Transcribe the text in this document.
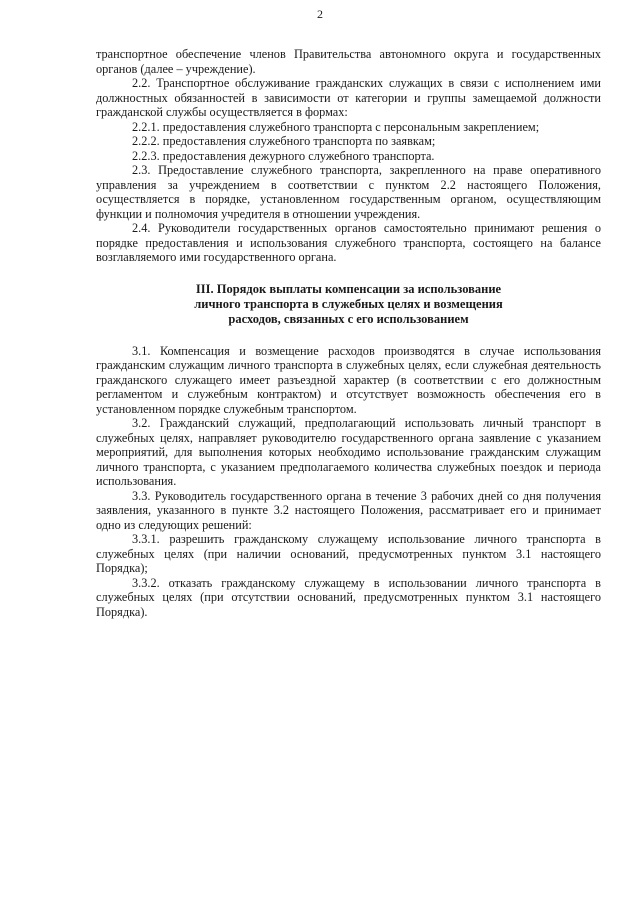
2

транспортное обеспечение членов Правительства автономного округа и государственных органов (далее – учреждение).

2.2. Транспортное обслуживание гражданских служащих в связи с исполнением ими должностных обязанностей в зависимости от категории и группы замещаемой должности гражданской службы осуществляется в формах:

2.2.1. предоставления служебного транспорта с персональным закреплением;

2.2.2. предоставления служебного транспорта по заявкам;

2.2.3. предоставления дежурного служебного транспорта.

2.3. Предоставление служебного транспорта, закрепленного на праве оперативного управления за учреждением в соответствии с пунктом 2.2 настоящего Положения, осуществляется в порядке, установленном государственным органом, осуществляющим функции и полномочия учредителя в отношении учреждения.

2.4. Руководители государственных органов самостоятельно принимают решения о порядке предоставления и использования служебного транспорта, состоящего на балансе возглавляемого ими государственного органа.

III. Порядок выплаты компенсации за использование
личного транспорта в служебных целях и возмещения
расходов, связанных с его использованием

3.1. Компенсация и возмещение расходов производятся в случае использования гражданским служащим личного транспорта в служебных целях, если служебная деятельность гражданского служащего имеет разъездной характер (в соответствии с его должностным регламентом и служебным контрактом) и отсутствует возможность обеспечения его в установленном порядке служебным транспортом.

3.2. Гражданский служащий, предполагающий использовать личный транспорт в служебных целях, направляет руководителю государственного органа заявление с указанием мероприятий, для выполнения которых необходимо использование гражданским служащим личного транспорта, с указанием предполагаемого количества служебных поездок и периода использования.

3.3. Руководитель государственного органа в течение 3 рабочих дней со дня получения заявления, указанного в пункте 3.2 настоящего Положения, рассматривает его и принимает одно из следующих решений:

3.3.1. разрешить гражданскому служащему использование личного транспорта в служебных целях (при наличии оснований, предусмотренных пунктом 3.1 настоящего Порядка);

3.3.2. отказать гражданскому служащему в использовании личного транспорта в служебных целях (при отсутствии оснований, предусмотренных пунктом 3.1 настоящего Порядка).
